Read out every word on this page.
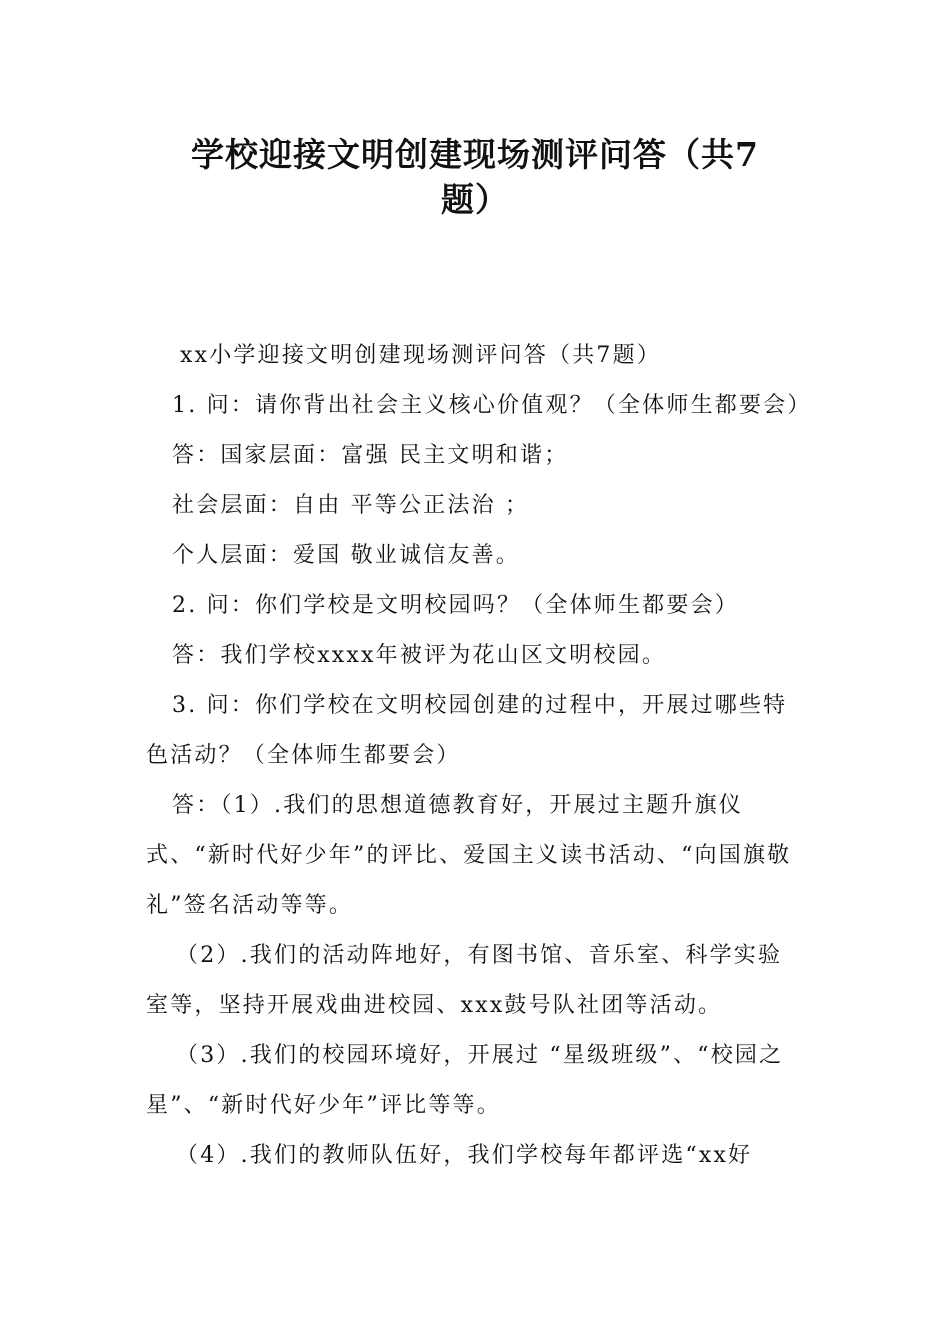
学校迎接文明创建现场测评问答（共7
题）

xx小学迎接文明创建现场测评问答（共7题）

1. 问：请你背出社会主义核心价值观？（全体师生都要会）

答：国家层面：富强 民主文明和谐；

社会层面：自由 平等公正法治 ；

个人层面：爱国 敬业诚信友善。

2. 问：你们学校是文明校园吗？（全体师生都要会）

答：我们学校xxxx年被评为花山区文明校园。

3. 问：你们学校在文明校园创建的过程中，开展过哪些特色活动？（全体师生都要会）

答：（1）.我们的思想道德教育好，开展过主题升旗仪式、“新时代好少年”的评比、爱国主义读书活动、“向国旗敬礼”签名活动等等。

（2）.我们的活动阵地好，有图书馆、音乐室、科学实验室等，坚持开展戏曲进校园、xxx鼓号队社团等活动。

（3）.我们的校园环境好，开展过 “星级班级”、“校园之星”、“新时代好少年”评比等等。

（4）.我们的教师队伍好，我们学校每年都评选“xx好
